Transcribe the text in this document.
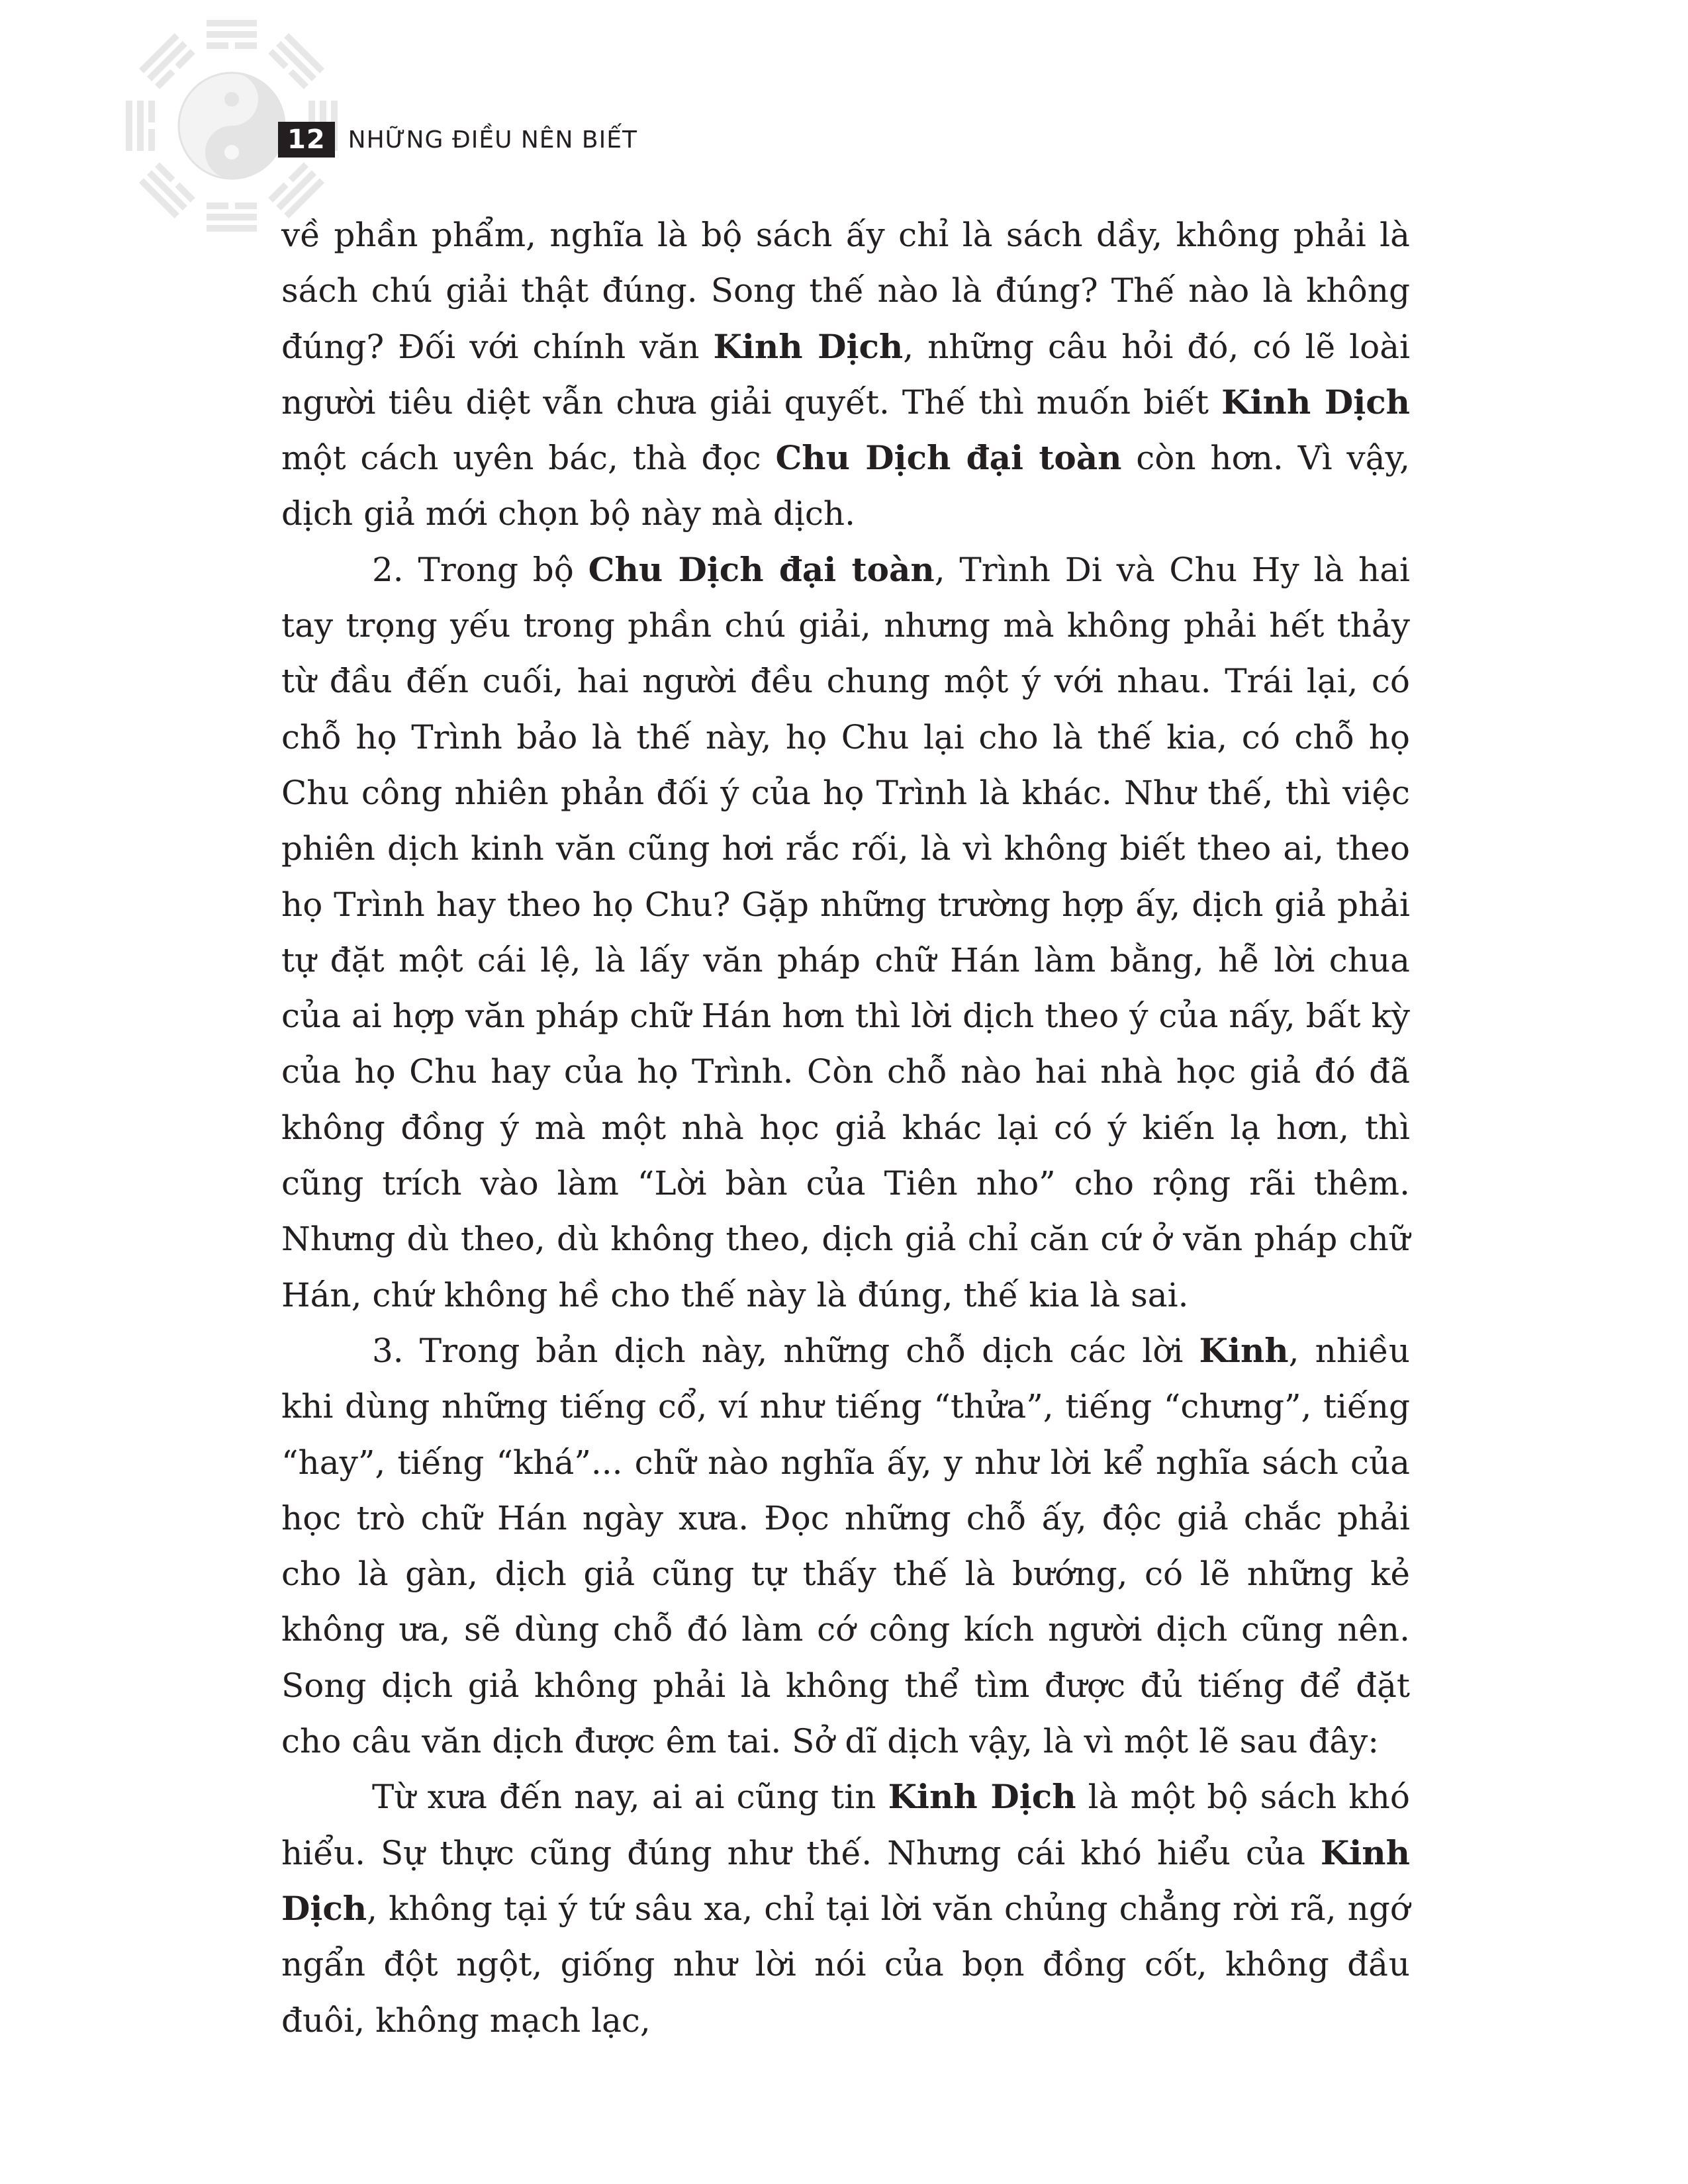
12 NHỮNG ĐIỀU NÊN BIẾT

về phần phẩm, nghĩa là bộ sách ấy chỉ là sách dầy, không phải là sách chú giải thật đúng. Song thế nào là đúng? Thế nào là không đúng? Đối với chính văn Kinh Dịch, những câu hỏi đó, có lẽ loài người tiêu diệt vẫn chưa giải quyết. Thế thì muốn biết Kinh Dịch một cách uyên bác, thà đọc Chu Dịch đại toàn còn hơn. Vì vậy, dịch giả mới chọn bộ này mà dịch.

2. Trong bộ Chu Dịch đại toàn, Trình Di và Chu Hy là hai tay trọng yếu trong phần chú giải, nhưng mà không phải hết thảy từ đầu đến cuối, hai người đều chung một ý với nhau. Trái lại, có chỗ họ Trình bảo là thế này, họ Chu lại cho là thế kia, có chỗ họ Chu công nhiên phản đối ý của họ Trình là khác. Như thế, thì việc phiên dịch kinh văn cũng hơi rắc rối, là vì không biết theo ai, theo họ Trình hay theo họ Chu? Gặp những trường hợp ấy, dịch giả phải tự đặt một cái lệ, là lấy văn pháp chữ Hán làm bằng, hễ lời chua của ai hợp văn pháp chữ Hán hơn thì lời dịch theo ý của nấy, bất kỳ của họ Chu hay của họ Trình. Còn chỗ nào hai nhà học giả đó đã không đồng ý mà một nhà học giả khác lại có ý kiến lạ hơn, thì cũng trích vào làm “Lời bàn của Tiên nho” cho rộng rãi thêm. Nhưng dù theo, dù không theo, dịch giả chỉ căn cứ ở văn pháp chữ Hán, chứ không hề cho thế này là đúng, thế kia là sai.

3. Trong bản dịch này, những chỗ dịch các lời Kinh, nhiều khi dùng những tiếng cổ, ví như tiếng “thửa”, tiếng “chưng”, tiếng “hay”, tiếng “khá”... chữ nào nghĩa ấy, y như lời kể nghĩa sách của học trò chữ Hán ngày xưa. Đọc những chỗ ấy, độc giả chắc phải cho là gàn, dịch giả cũng tự thấy thế là bướng, có lẽ những kẻ không ưa, sẽ dùng chỗ đó làm cớ công kích người dịch cũng nên. Song dịch giả không phải là không thể tìm được đủ tiếng để đặt cho câu văn dịch được êm tai. Sở dĩ dịch vậy, là vì một lẽ sau đây:

Từ xưa đến nay, ai ai cũng tin Kinh Dịch là một bộ sách khó hiểu. Sự thực cũng đúng như thế. Nhưng cái khó hiểu của Kinh Dịch, không tại ý tứ sâu xa, chỉ tại lời văn chủng chẳng rời rã, ngớ ngẩn đột ngột, giống như lời nói của bọn đồng cốt, không đầu đuôi, không mạch lạc,
